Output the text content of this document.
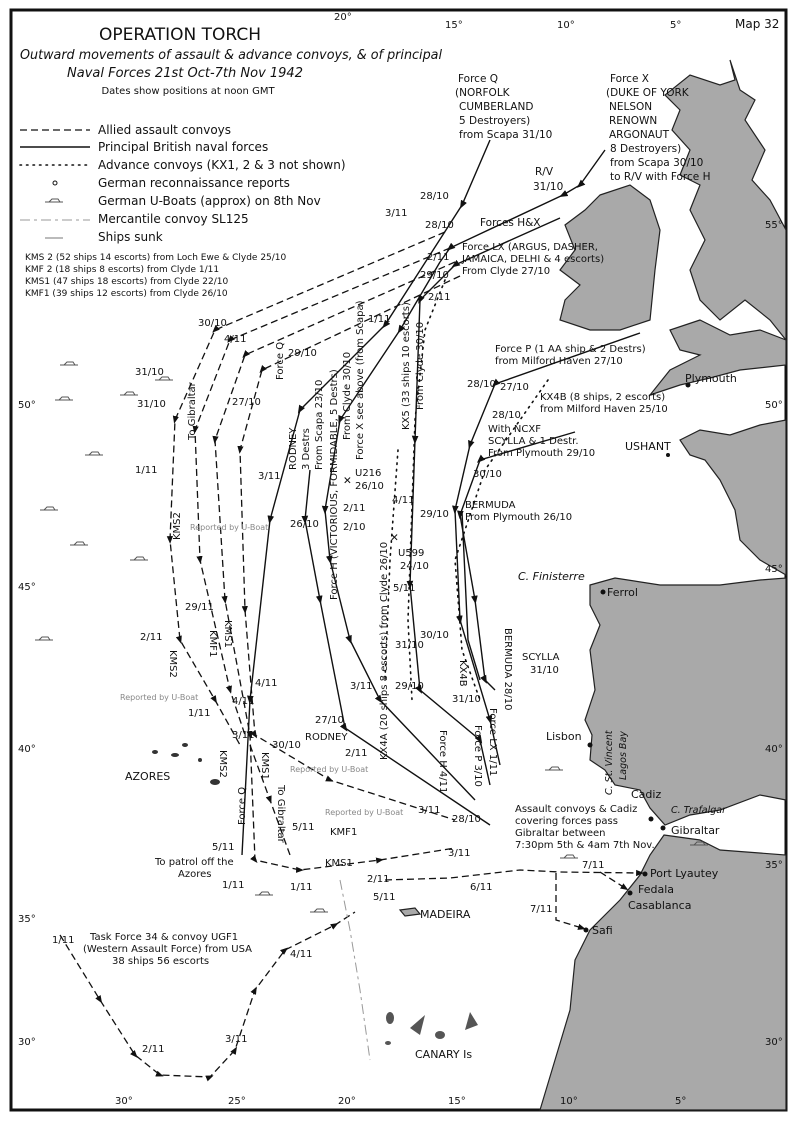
20°
15°	10°	5°
30°	25°	20°	15°	10°	5°
55°
50°	50°
45°
45°
40°	40°
35°
35°
30°	30°
OPERATION TORCH
Outward movements of assault & advance convoys, & of principal
Naval Forces 21st Oct-7th Nov 1942
Dates show positions at noon GMT
Map 32
Allied assault convoys
Principal British naval forces
Advance convoys (KX1, 2 & 3 not shown)
German reconnaissance reports
German U-Boats (approx) on 8th Nov
Mercantile convoy SL125
Ships sunk
Force Q
(NORFOLK
CUMBERLAND
5 Destroyers)
from Scapa 31/10
Force X
(DUKE OF YORK
NELSON
RENOWN
ARGONAUT
8 Destroyers)
from Scapa 30/10
to R/V with Force H
R/V
31/10
Forces H&X
Force LX (ARGUS, DASHER,
JAMAICA, DELHI & 4 escorts)
From Clyde 27/10
KMS 2 (52 ships 14 escorts) from Loch Ewe & Clyde 25/10
KMF 2 (18 ships 8 escorts) from Clyde 1/11
KMS1 (47 ships 18 escorts) from Clyde 22/10
KMF1 (39 ships 12 escorts) from Clyde 26/10
Force Q
RODNEY 3 Destrs From Scapa 23/10 Force H (VICTORIOUS, FORMIDABLE, 5 Destrs) From Clyde 30/10 Force X see above (from Scapa)	KX5 (33 ships 10 escorts) From Clyde 30/10
KX4A (20 ships 8 escorts) from Clyde 26/10
Force P (1 AA ship & 2 Destrs)
from Milford Haven 27/10
KX4B (8 ships, 2 escorts)
from Milford Haven 25/10
With NCXF
SCYLLA & 1 Destr.
From Plymouth 29/10
BERMUDA
From Plymouth 26/10
✕
U216
26/10
✕
U599
24/10
RODNEY	Force H 4/11 Force P 3/10 Force LX 1/11
BERMUDA 28/10 SCYLLA
31/10
KX4B
KMS1
KMF1
KMS2
KMS2
KMS2	KMS1
To Gibraltar
To Gibraltar
Force Q
KMF1
KMS1
To patrol off the
Azores
Reported by U-Boat
Reported by U-Boat
Reported by U-Boat
Reported by U-Boat
Assault convoys & Cadiz
covering forces pass
Gibraltar between
7:30pm 5th & 4am 7th Nov.
Task Force 34 & convoy UGF1
(Western Assault Force) from USA
38 ships 56 escorts
Plymouth
USHANT
Ferrol
C. Finisterre
Lisbon C. St. Vincent Lagos Bay
Cadiz
C. Trafalgar
Gibraltar
Port Lyautey
Fedala
Casablanca
Safi
MADEIRA
CANARY Is
AZORES
28/10
3/11
28/10
2/11
29/10
2/11
30/10
4/11
29/10
1/11
31/10
3/11
26/10
2/11
2/10
4/11
5/11
29/10
28/10 27/10
28/10
30/10
1/11
29/11
2/11
1/11
3/11
4/11
30/10
27/10
2/11
3/11
28/10
31/10
30/10
31/10
29/10
3/11
4/11
5/11
3/11
1/11
2/11
5/11
6/11
7/11
7/11
1/11
2/11
3/11
4/11
5/11
31/10
1/11
27/10
